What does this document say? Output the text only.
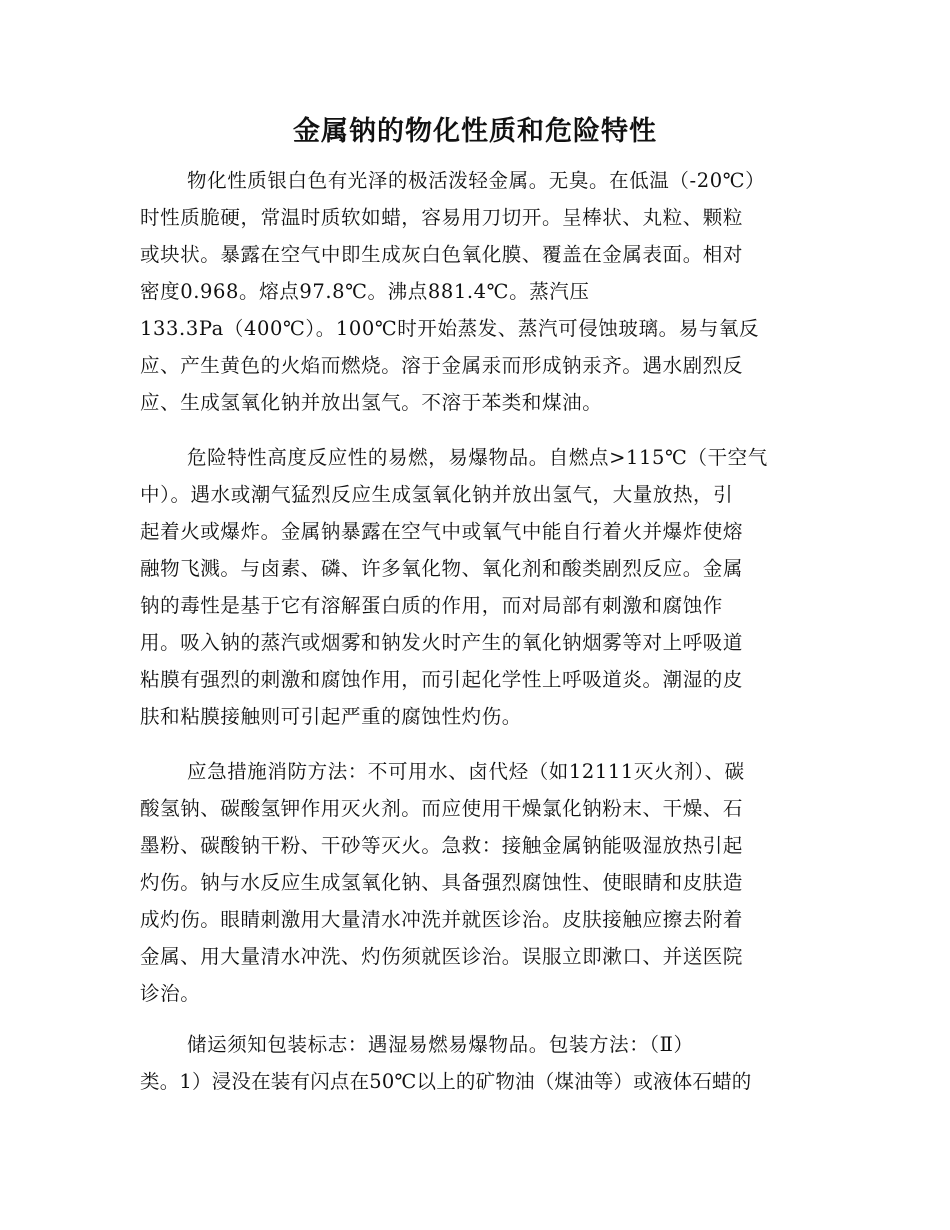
金属钠的物化性质和危险特性
物化性质银白色有光泽的极活泼轻金属。无臭。在低温（-20℃）
时性质脆硬，常温时质软如蜡，容易用刀切开。呈棒状、丸粒、颗粒
或块状。暴露在空气中即生成灰白色氧化膜、覆盖在金属表面。相对
密度0.968。熔点97.8℃。沸点881.4℃。蒸汽压
133.3Pa（400℃）。100℃时开始蒸发、蒸汽可侵蚀玻璃。易与氧反
应、产生黄色的火焰而燃烧。溶于金属汞而形成钠汞齐。遇水剧烈反
应、生成氢氧化钠并放出氢气。不溶于苯类和煤油。
危险特性高度反应性的易燃，易爆物品。自燃点>115℃（干空气
中）。遇水或潮气猛烈反应生成氢氧化钠并放出氢气，大量放热，引
起着火或爆炸。金属钠暴露在空气中或氧气中能自行着火并爆炸使熔
融物飞溅。与卤素、磷、许多氧化物、氧化剂和酸类剧烈反应。金属
钠的毒性是基于它有溶解蛋白质的作用，而对局部有刺激和腐蚀作
用。吸入钠的蒸汽或烟雾和钠发火时产生的氧化钠烟雾等对上呼吸道
粘膜有强烈的刺激和腐蚀作用，而引起化学性上呼吸道炎。潮湿的皮
肤和粘膜接触则可引起严重的腐蚀性灼伤。
应急措施消防方法：不可用水、卤代烃（如12111灭火剂）、碳
酸氢钠、碳酸氢钾作用灭火剂。而应使用干燥氯化钠粉末、干燥、石
墨粉、碳酸钠干粉、干砂等灭火。急救：接触金属钠能吸湿放热引起
灼伤。钠与水反应生成氢氧化钠、具备强烈腐蚀性、使眼睛和皮肤造
成灼伤。眼睛刺激用大量清水冲洗并就医诊治。皮肤接触应擦去附着
金属、用大量清水冲洗、灼伤须就医诊治。误服立即漱口、并送医院
诊治。
储运须知包装标志：遇湿易燃易爆物品。包装方法：（Ⅱ）
类。1）浸没在装有闪点在50℃以上的矿物油（煤油等）或液体石蜡的
